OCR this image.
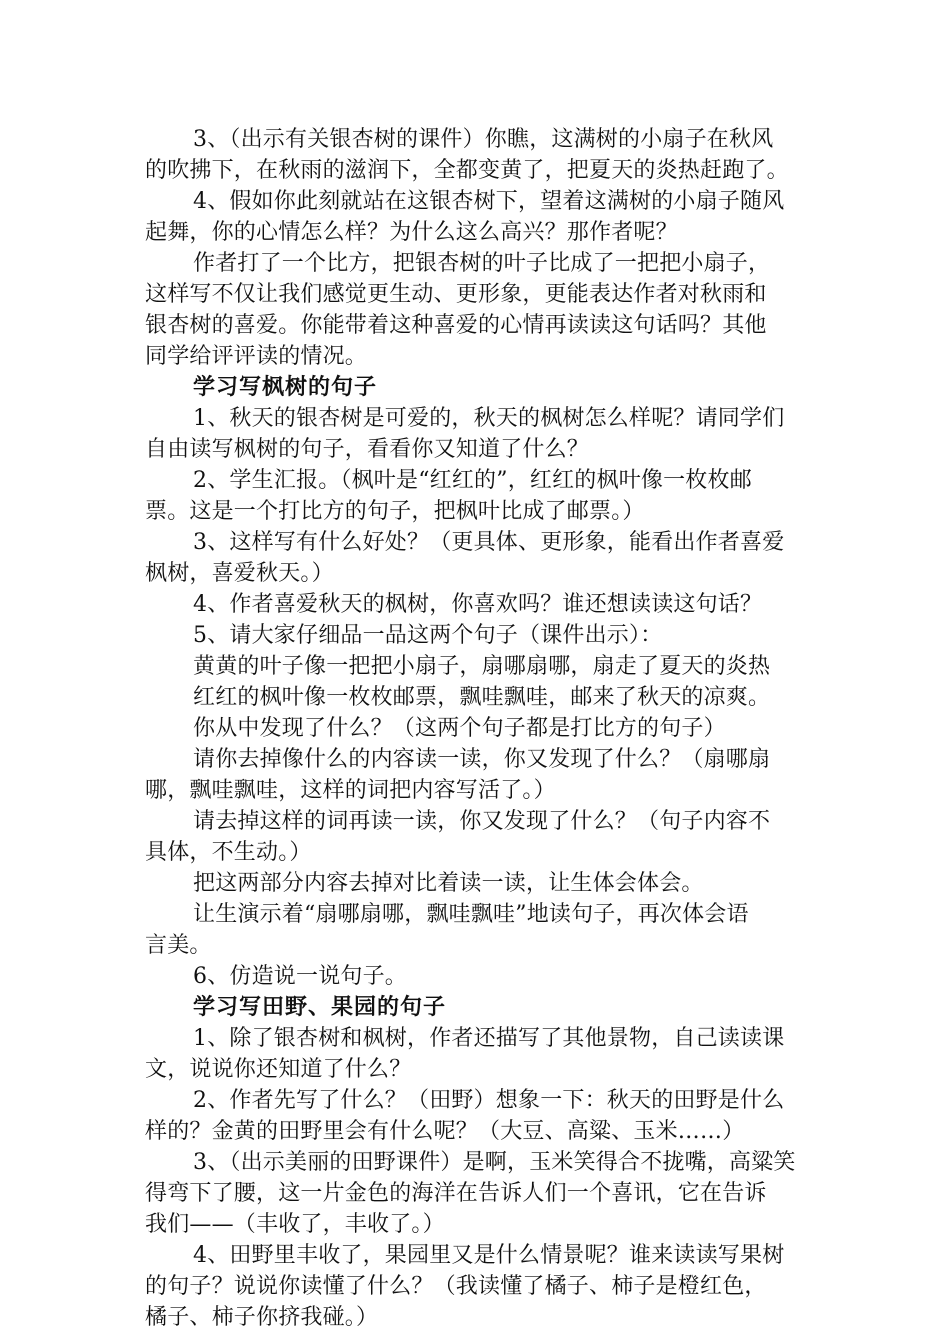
3、（出示有关银杏树的课件）你瞧，这满树的小扇子在秋风
的吹拂下，在秋雨的滋润下，全都变黄了，把夏天的炎热赶跑了。
4、假如你此刻就站在这银杏树下，望着这满树的小扇子随风
起舞，你的心情怎么样？为什么这么高兴？那作者呢？
作者打了一个比方，把银杏树的叶子比成了一把把小扇子，
这样写不仅让我们感觉更生动、更形象，更能表达作者对秋雨和
银杏树的喜爱。你能带着这种喜爱的心情再读读这句话吗？其他
同学给评评读的情况。
学习写枫树的句子
1、秋天的银杏树是可爱的，秋天的枫树怎么样呢？请同学们
自由读写枫树的句子，看看你又知道了什么？
2、学生汇报。（枫叶是“红红的”，红红的枫叶像一枚枚邮
票。这是一个打比方的句子，把枫叶比成了邮票。）
3、这样写有什么好处？（更具体、更形象，能看出作者喜爱
枫树，喜爱秋天。）
4、作者喜爱秋天的枫树，你喜欢吗？谁还想读读这句话？
5、请大家仔细品一品这两个句子（课件出示）：
黄黄的叶子像一把把小扇子，扇哪扇哪，扇走了夏天的炎热
红红的枫叶像一枚枚邮票，飘哇飘哇，邮来了秋天的凉爽。
你从中发现了什么？（这两个句子都是打比方的句子）
请你去掉像什么的内容读一读，你又发现了什么？（扇哪扇
哪，飘哇飘哇，这样的词把内容写活了。）
请去掉这样的词再读一读，你又发现了什么？（句子内容不
具体，不生动。）
把这两部分内容去掉对比着读一读，让生体会体会。
让生演示着“扇哪扇哪，飘哇飘哇”地读句子，再次体会语
言美。
6、仿造说一说句子。
学习写田野、果园的句子
1、除了银杏树和枫树，作者还描写了其他景物，自己读读课
文，说说你还知道了什么？
2、作者先写了什么？（田野）想象一下：秋天的田野是什么
样的？金黄的田野里会有什么呢？（大豆、高粱、玉米……）
3、（出示美丽的田野课件）是啊，玉米笑得合不拢嘴，高粱笑
得弯下了腰，这一片金色的海洋在告诉人们一个喜讯，它在告诉
我们——（丰收了，丰收了。）
4、田野里丰收了，果园里又是什么情景呢？谁来读读写果树
的句子？说说你读懂了什么？（我读懂了橘子、柿子是橙红色，
橘子、柿子你挤我碰。）
